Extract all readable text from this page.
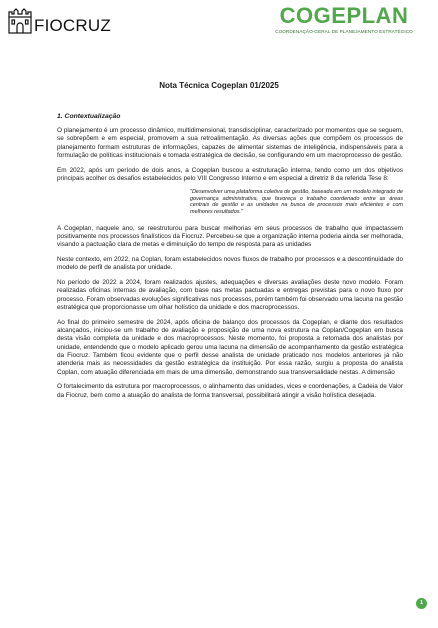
FIOCRUZ	COGEPLAN
COORDENAÇÃO-GERAL DE PLANEJAMENTO ESTRATÉGICO
Nota Técnica Cogeplan 01/2025
1. Contextualização

O planejamento é um processo dinâmico, multidimensional, transdisciplinar, caracterizado por momentos que se seguem, se sobrepõem e em especial, promovem a sua retroalimentação. As diversas ações que compõem os processos de planejamento formam estruturas de informações, capazes de alimentar sistemas de inteligência, indispensáveis para a formulação de políticas institucionais e tomada estratégica de decisão, se configurando em um macroprocesso de gestão.

Em 2022, após um período de dois anos, a Cogeplan buscou a estruturação interna, tendo como um dos objetivos principais acolher os desafios estabelecidos pelo VIII Congresso Interno e em especial a diretriz 8 da referida Tese 8:

"Desenvolver uma plataforma coletiva de gestão, baseada em um modelo integrado de governança administrativa, que favoreça o trabalho coordenado entre as áreas centrais de gestão e as unidades na busca de processos mais eficientes e com melhores resultados."

A Cogeplan, naquele ano, se reestruturou para buscar melhorias em seus processos de trabalho que impactassem positivamente nos processos finalísticos da Fiocruz. Percebeu-se que a organização interna poderia ainda ser melhorada, visando a pactuação clara de metas e diminuição do tempo de resposta para as unidades

Neste contexto, em 2022, na Coplan, foram estabelecidos novos fluxos de trabalho por processos e a descontinuidade do modelo de perfil de analista por unidade.

No período de 2022 a 2024, foram realizados ajustes, adequações e diversas avaliações deste novo modelo. Foram realizadas oficinas internas de avaliação, com base nas metas pactuadas e entregas previstas para o novo fluxo por processo. Foram observadas evoluções significativas nos processos, porém também foi observado uma lacuna na gestão estratégica que proporcionasse um olhar holístico da unidade e dos macroprocessos.

Ao final do primeiro semestre de 2024, após oficina de balanço dos processos da Cogeplan, e diante dos resultados alcançados, iniciou-se um trabalho de avaliação e proposição de uma nova estrutura na Coplan/Cogeplan em busca desta visão completa da unidade e dos macroprocessos. Neste momento, foi proposta a retomada dos analistas por unidade, entendendo que o modelo aplicado gerou uma lacuna na dimensão de acompanhamento da gestão estratégica da Fiocruz. Também ficou evidente que o perfil desse analista de unidade praticado nos modelos anteriores já não atenderia mais as necessidades da gestão estratégica da instituição. Por essa razão, surgiu a proposta do analista Coplan, com atuação diferenciada em mais de uma dimensão, demonstrando sua transversalidade nestas. A dimensão

O fortalecimento da estrutura por macroprocessos, o alinhamento das unidades, vices e coordenações, a Cadeia de Valor da Fiocruz, bem como a atuação do analista de forma transversal, possibilitará atingir a visão holística desejada.

1
